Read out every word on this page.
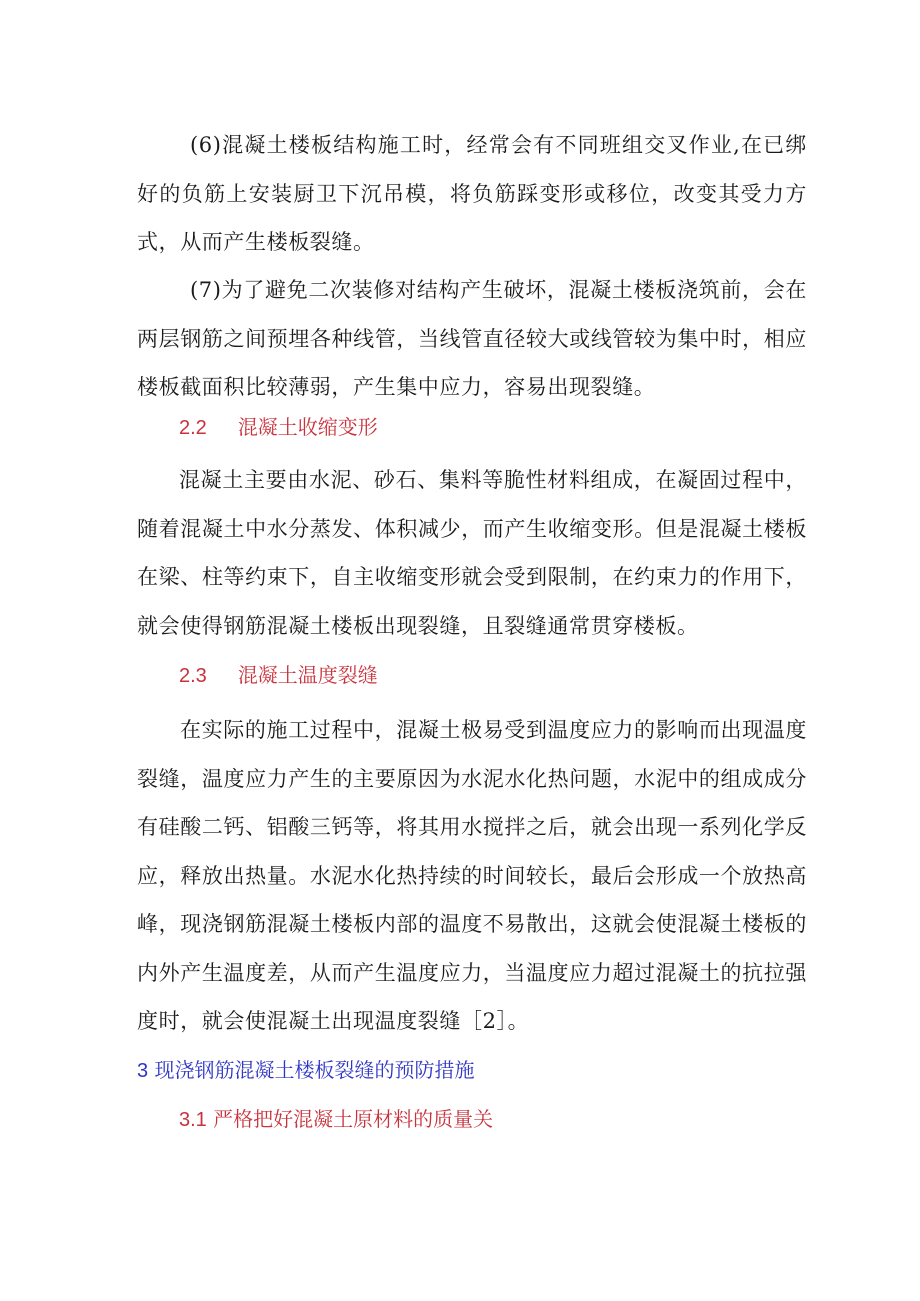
(6)混凝土楼板结构施工时，经常会有不同班组交叉作业,在已绑好的负筋上安装厨卫下沉吊模，将负筋踩变形或移位，改变其受力方式，从而产生楼板裂缝。

(7)为了避免二次装修对结构产生破坏，混凝土楼板浇筑前，会在两层钢筋之间预埋各种线管，当线管直径较大或线管较为集中时，相应楼板截面积比较薄弱，产生集中应力，容易出现裂缝。

2.2 混凝土收缩变形

混凝土主要由水泥、砂石、集料等脆性材料组成，在凝固过程中，随着混凝土中水分蒸发、体积减少，而产生收缩变形。但是混凝土楼板在梁、柱等约束下，自主收缩变形就会受到限制，在约束力的作用下，就会使得钢筋混凝土楼板出现裂缝，且裂缝通常贯穿楼板。

2.3 混凝土温度裂缝

在实际的施工过程中，混凝土极易受到温度应力的影响而出现温度裂缝，温度应力产生的主要原因为水泥水化热问题，水泥中的组成成分有硅酸二钙、铝酸三钙等，将其用水搅拌之后，就会出现一系列化学反应，释放出热量。水泥水化热持续的时间较长，最后会形成一个放热高峰，现浇钢筋混凝土楼板内部的温度不易散出，这就会使混凝土楼板的内外产生温度差，从而产生温度应力，当温度应力超过混凝土的抗拉强度时，就会使混凝土出现温度裂缝［2］。

3 现浇钢筋混凝土楼板裂缝的预防措施
3.1 严格把好混凝土原材料的质量关
